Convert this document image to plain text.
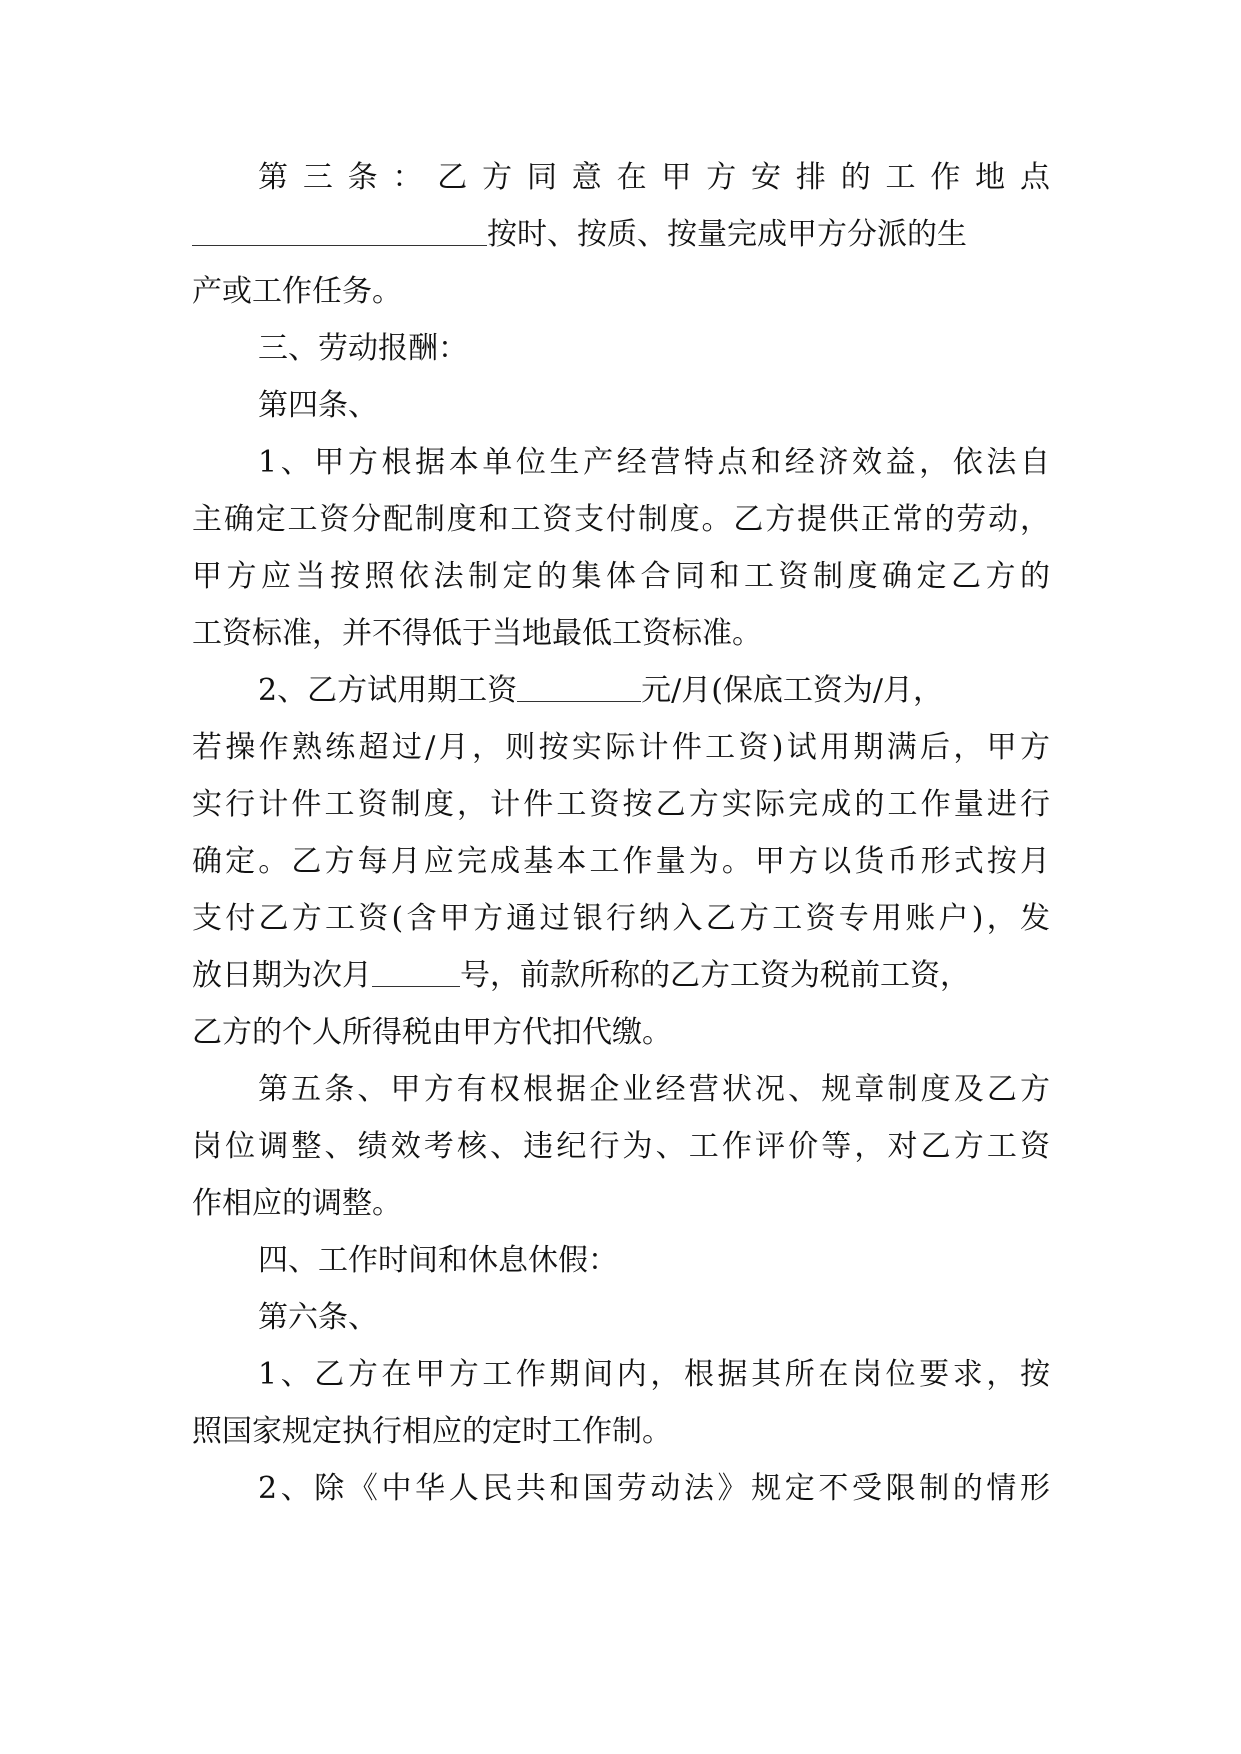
第三条：乙方同意在甲方安排的工作地点
按时、按质、按量完成甲方分派的生
产或工作任务。
三、劳动报酬：
第四条、
1、甲方根据本单位生产经营特点和经济效益，依法自
主确定工资分配制度和工资支付制度。乙方提供正常的劳动，
甲方应当按照依法制定的集体合同和工资制度确定乙方的
工资标准，并不得低于当地最低工资标准。
2、乙方试用期工资	元/月(保底工资为/月，
若操作熟练超过/月，则按实际计件工资)试用期满后，甲方
实行计件工资制度，计件工资按乙方实际完成的工作量进行
确定。乙方每月应完成基本工作量为。甲方以货币形式按月
支付乙方工资(含甲方通过银行纳入乙方工资专用账户)，发
放日期为次月	号，前款所称的乙方工资为税前工资，
乙方的个人所得税由甲方代扣代缴。
第五条、甲方有权根据企业经营状况、规章制度及乙方
岗位调整、绩效考核、违纪行为、工作评价等，对乙方工资
作相应的调整。
四、工作时间和休息休假：
第六条、
1、乙方在甲方工作期间内，根据其所在岗位要求，按
照国家规定执行相应的定时工作制。
2、除《中华人民共和国劳动法》规定不受限制的情形
